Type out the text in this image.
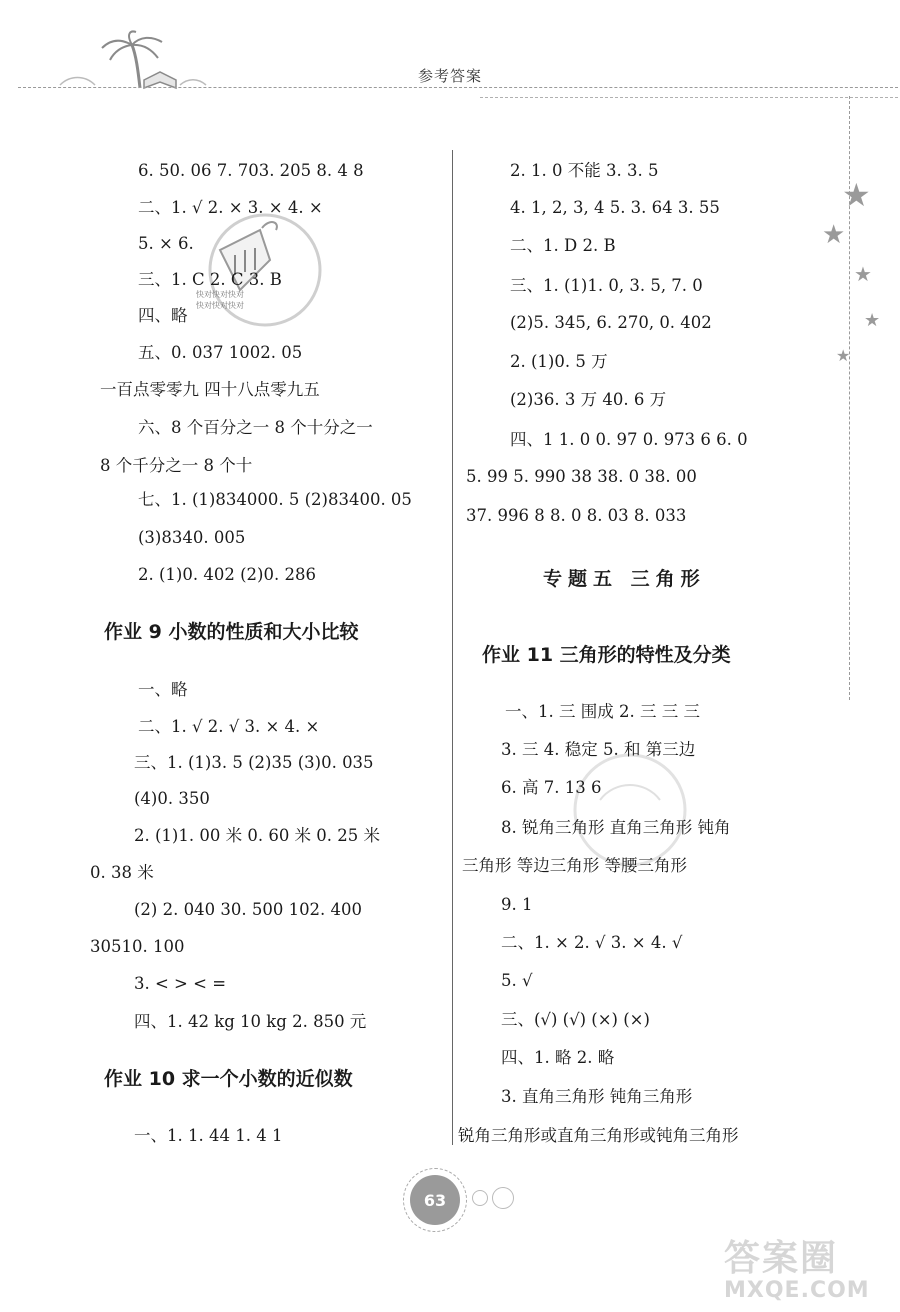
参考答案
★
★
★
★
★
快对快对快对
快对快对快对
6. 50. 06 7. 703. 205 8. 4 8
二、1. √ 2. × 3. × 4. ×
5. × 6.
三、1. C 2. C 3. B
四、略
五、0. 037 1002. 05
一百点零零九 四十八点零九五
六、8 个百分之一 8 个十分之一
8 个千分之一 8 个十
七、1. (1)834000. 5 (2)83400. 05
(3)8340. 005
2. (1)0. 402 (2)0. 286
作业 9 小数的性质和大小比较
一、略
二、1. √ 2. √ 3. × 4. ×
三、1. (1)3. 5 (2)35 (3)0. 035
(4)0. 350
2. (1)1. 00 米 0. 60 米 0. 25 米
0. 38 米
(2) 2. 040 30. 500 102. 400
30510. 100
3. < > < =
四、1. 42 kg 10 kg 2. 850 元
作业 10 求一个小数的近似数
一、1. 1. 44 1. 4 1
2. 1. 0 不能 3. 3. 5
4. 1, 2, 3, 4 5. 3. 64 3. 55
二、1. D 2. B
三、1. (1)1. 0, 3. 5, 7. 0
(2)5. 345, 6. 270, 0. 402
2. (1)0. 5 万
(2)36. 3 万 40. 6 万
四、1 1. 0 0. 97 0. 973 6 6. 0
5. 99 5. 990 38 38. 0 38. 00
37. 996 8 8. 0 8. 03 8. 033
专题五 三角形
作业 11 三角形的特性及分类
一、1. 三 围成 2. 三 三 三
3. 三 4. 稳定 5. 和 第三边
6. 高 7. 13 6
8. 锐角三角形 直角三角形 钝角
三角形 等边三角形 等腰三角形
9. 1
二、1. × 2. √ 3. × 4. √
5. √
三、(√) (√) (×) (×)
四、1. 略 2. 略
3. 直角三角形 钝角三角形
锐角三角形或直角三角形或钝角三角形
63
答案圈
MXQE.COM
